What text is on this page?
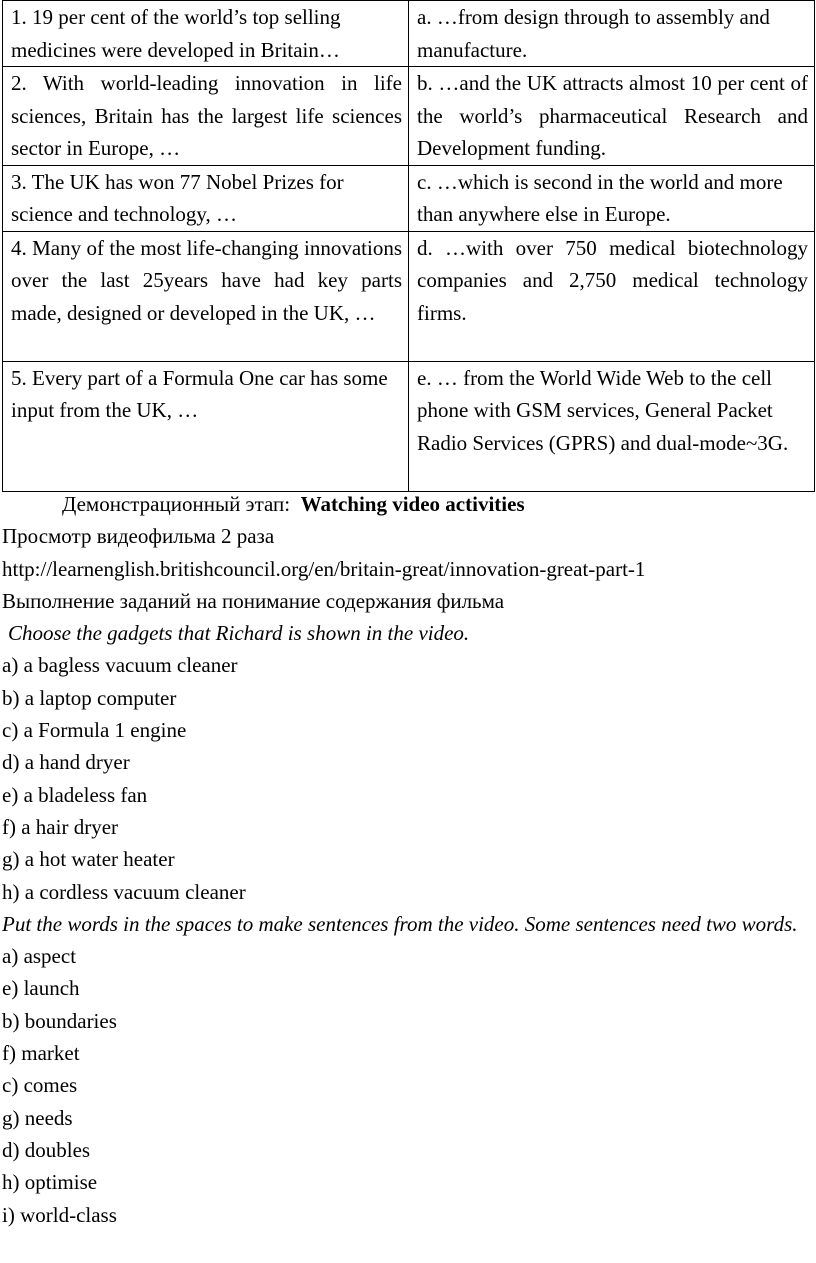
1. 19 per cent of the world’s top selling medicines were developed in Britain…	a. …from design through to assembly and manufacture.
2. With world-leading innovation in life sciences, Britain has the largest life sciences sector in Europe, …	b. …and the UK attracts almost 10 per cent of the world’s pharmaceutical Research and Development funding.
3. The UK has won 77 Nobel Prizes for science and technology, …	c. …which is second in the world and more than anywhere else in Europe.
4. Many of the most life-changing innovations over the last 25years have had key parts made, designed or developed in the UK, …	d. …with over 750 medical biotechnology companies and 2,750 medical technology firms.
5. Every part of a Formula One car has some input from the UK, …	e. … from the World Wide Web to the cell phone with GSM services, General Packet Radio Services (GPRS) and dual-mode~3G.
Демонстрационный этап: Watching video activities
Просмотр видеофильма 2 раза
http://learnenglish.britishcouncil.org/en/britain-great/innovation-great-part-1
Выполнение заданий на понимание содержания фильма
Choose the gadgets that Richard is shown in the video.
a) a bagless vacuum cleaner
b) a laptop computer
c) a Formula 1 engine
d) a hand dryer
e) a bladeless fan
f) a hair dryer
g) a hot water heater
h) a cordless vacuum cleaner
Put the words in the spaces to make sentences from the video. Some sentences need two words.
a) aspect
e) launch
b) boundaries
f) market
c) comes
g) needs
d) doubles
h) optimise
i) world-class
